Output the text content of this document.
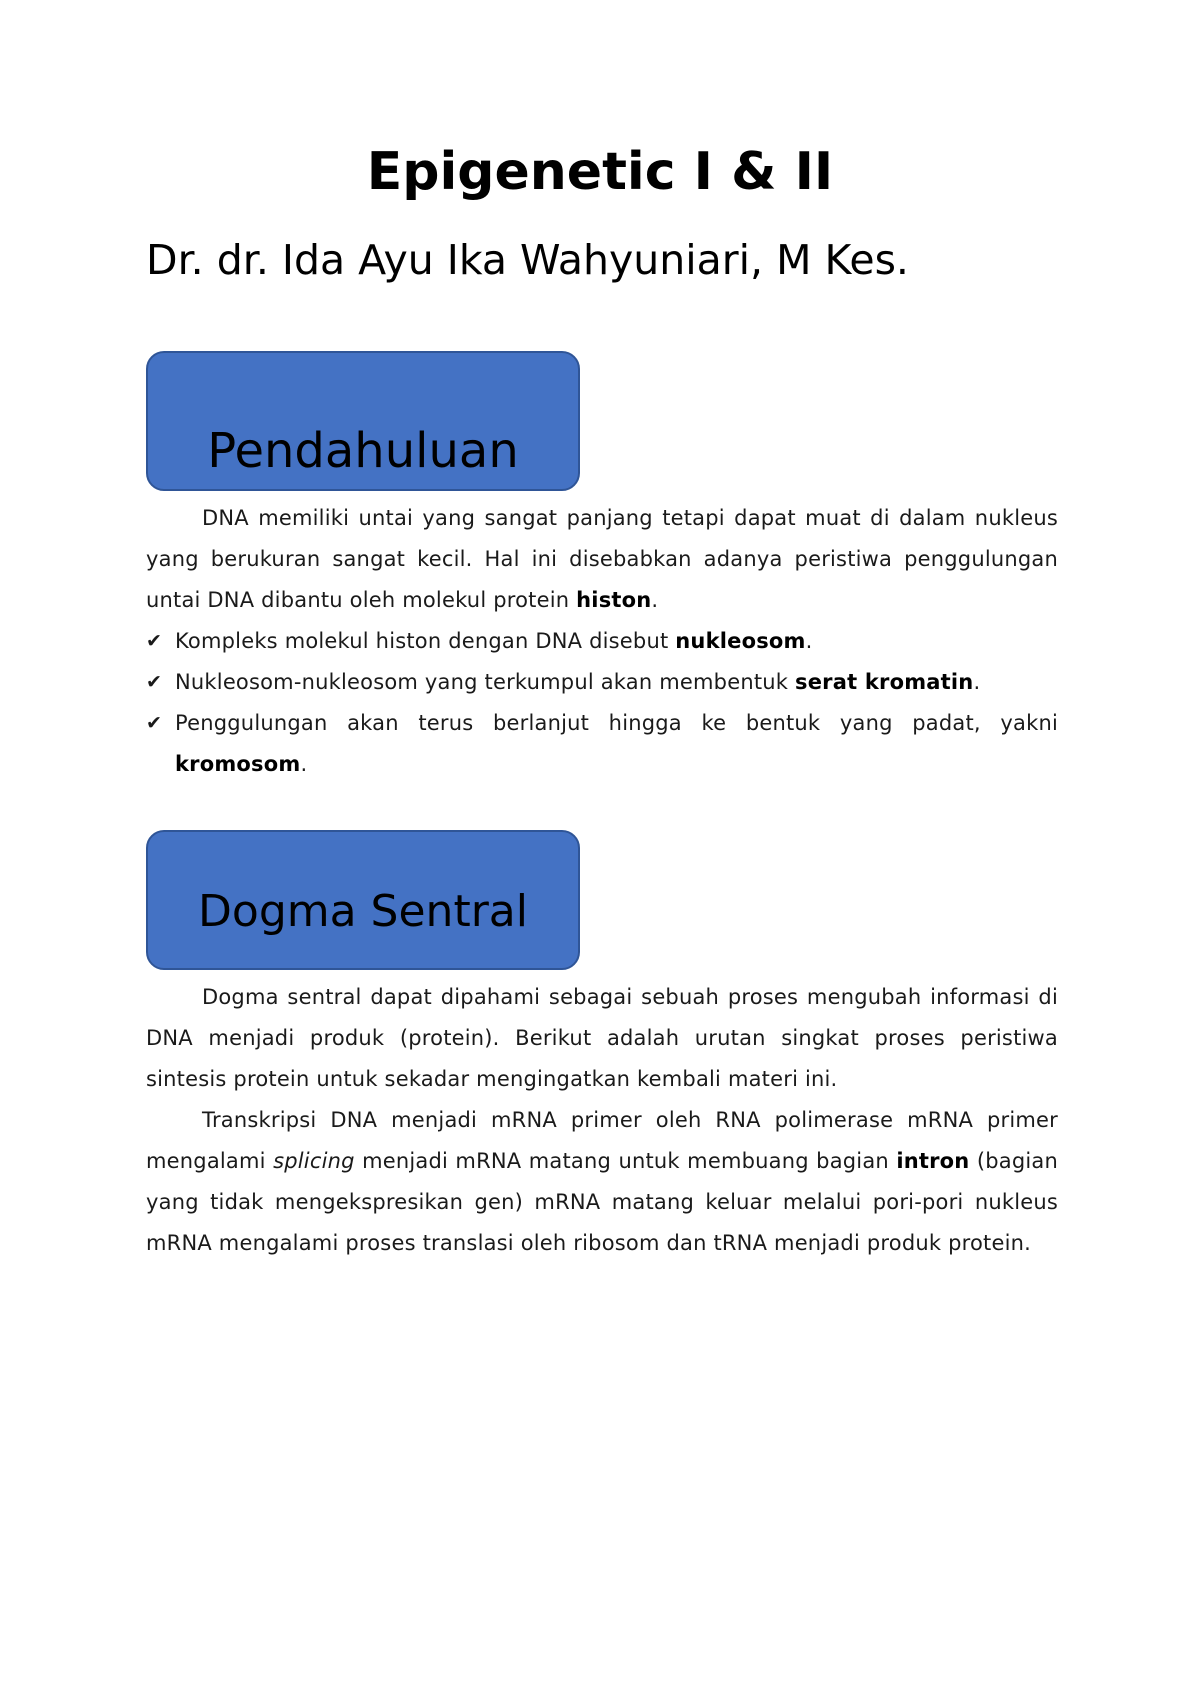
Epigenetic I & II
Dr. dr. Ida Ayu Ika Wahyuniari, M Kes.
Pendahuluan

DNA memiliki untai yang sangat panjang tetapi dapat muat di dalam nukleus yang berukuran sangat kecil. Hal ini disebabkan adanya peristiwa penggulungan untai DNA dibantu oleh molekul protein histon.

✔ Kompleks molekul histon dengan DNA disebut nukleosom.
✔ Nukleosom-nukleosom yang terkumpul akan membentuk serat kromatin.
✔ Penggulungan akan terus berlanjut hingga ke bentuk yang padat, yakni kromosom.
Dogma Sentral

Dogma sentral dapat dipahami sebagai sebuah proses mengubah informasi di DNA menjadi produk (protein). Berikut adalah urutan singkat proses peristiwa sintesis protein untuk sekadar mengingatkan kembali materi ini.

Transkripsi DNA menjadi mRNA primer oleh RNA polimerase mRNA primer mengalami splicing menjadi mRNA matang untuk membuang bagian intron (bagian yang tidak mengekspresikan gen) mRNA matang keluar melalui pori-pori nukleus mRNA mengalami proses translasi oleh ribosom dan tRNA menjadi produk protein.
